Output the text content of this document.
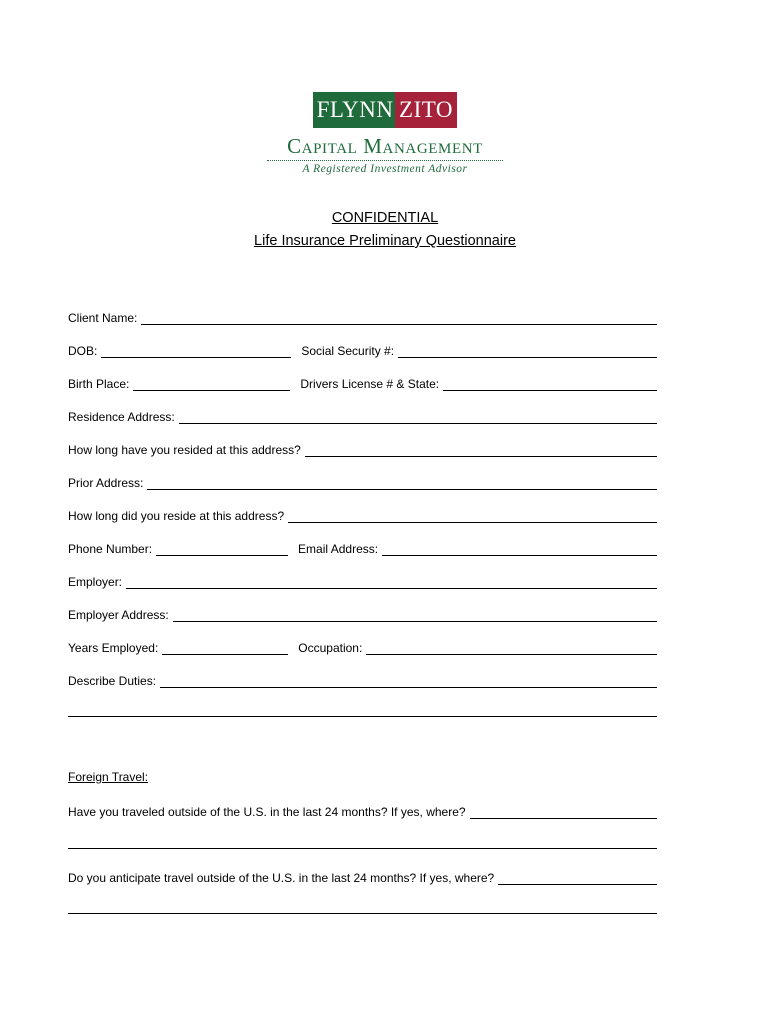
FLYNN ZITO
Capital Management
A Registered Investment Advisor
CONFIDENTIAL
Life Insurance Preliminary Questionnaire
Client Name:
DOB:	Social Security #:
Birth Place:	Drivers License # & State:
Residence Address:
How long have you resided at this address?
Prior Address:
How long did you reside at this address?
Phone Number:	Email Address:
Employer:
Employer Address:
Years Employed:	Occupation:
Describe Duties:
Foreign Travel:
Have you traveled outside of the U.S. in the last 24 months? If yes, where?
Do you anticipate travel outside of the U.S. in the last 24 months? If yes, where?
